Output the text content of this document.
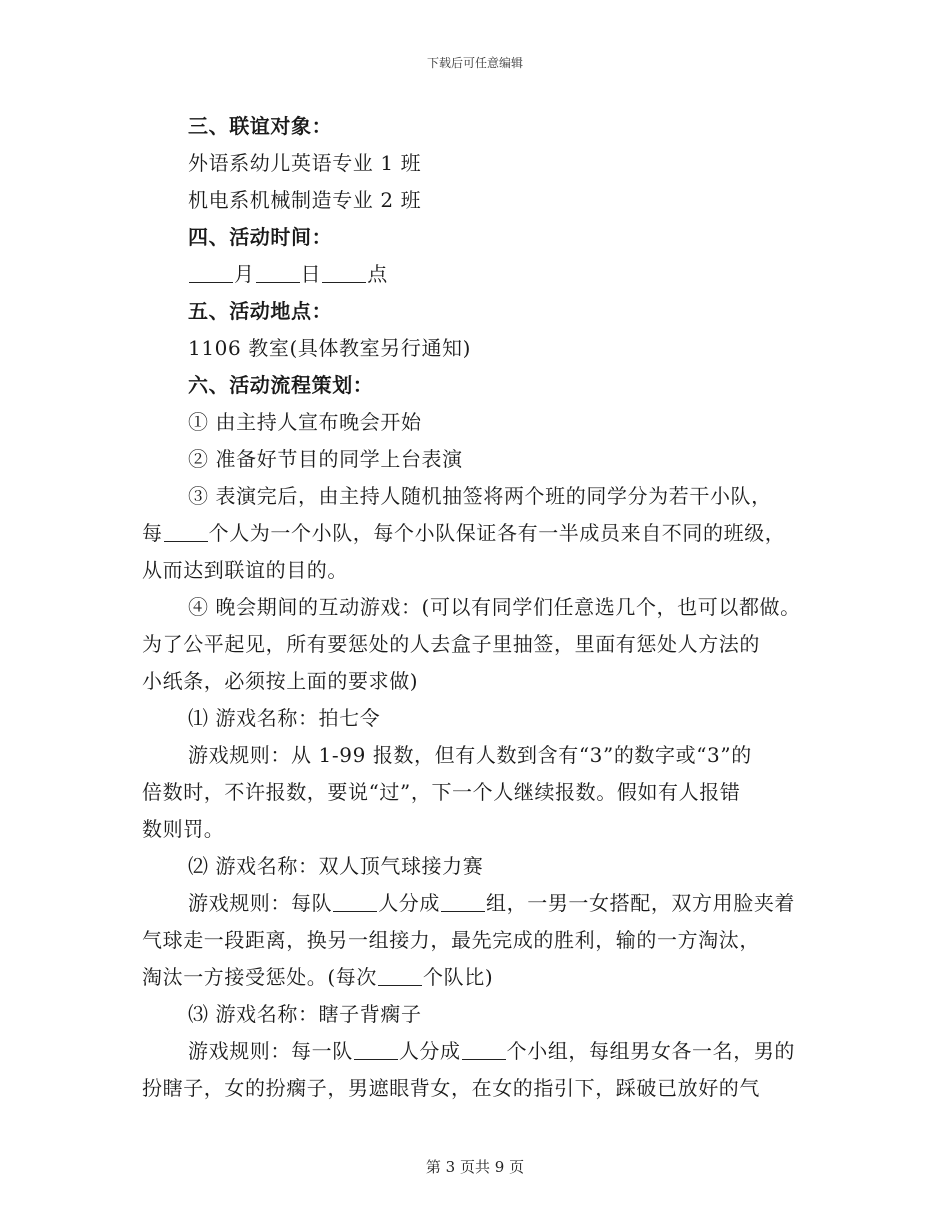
下载后可任意编辑
三、联谊对象：
外语系幼儿英语专业 1 班
机电系机械制造专业 2 班
四、活动时间：
月 日 点
五、活动地点：
1106 教室(具体教室另行通知)
六、活动流程策划：
① 由主持人宣布晚会开始
② 准备好节目的同学上台表演
③ 表演完后，由主持人随机抽签将两个班的同学分为若干小队，
每 个人为一个小队，每个小队保证各有一半成员来自不同的班级，
从而达到联谊的目的。
④ 晚会期间的互动游戏：(可以有同学们任意选几个，也可以都做。
为了公平起见，所有要惩处的人去盒子里抽签，里面有惩处人方法的
小纸条，必须按上面的要求做)
⑴ 游戏名称：拍七令
游戏规则：从 1-99 报数，但有人数到含有“3”的数字或“3”的
倍数时，不许报数，要说“过”，下一个人继续报数。假如有人报错
数则罚。
⑵ 游戏名称：双人顶气球接力赛
游戏规则：每队 人分成 组，一男一女搭配，双方用脸夹着
气球走一段距离，换另一组接力，最先完成的胜利，输的一方淘汰，
淘汰一方接受惩处。(每次 个队比)
⑶ 游戏名称：瞎子背瘸子
游戏规则：每一队 人分成 个小组，每组男女各一名，男的
扮瞎子，女的扮瘸子，男遮眼背女，在女的指引下，踩破已放好的气
第 3 页共 9 页
